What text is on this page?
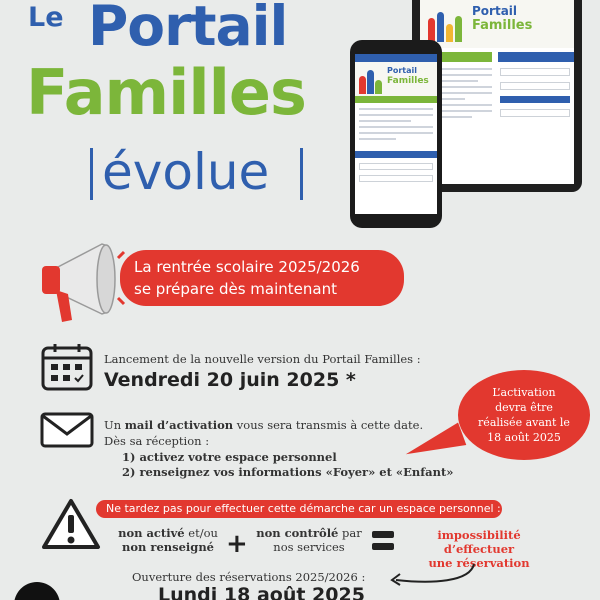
Le Portail
Familles
évolue
Portail
Familles
Portail
Familles
La rentrée scolaire 2025/2026
se prépare dès maintenant
Lancement de la nouvelle version du Portail Familles :
Vendredi 20 juin 2025 *
Un mail d’activation vous sera transmis à cette date.
Dès sa réception :
1) activez votre espace personnel
2) renseignez vos informations «Foyer» et «Enfant»
L’activation
devra être
réalisée avant le
18 août 2025
Ne tardez pas pour effectuer cette démarche car un espace personnel :
non activé et/ou
non renseigné + non contrôlé par
nos services
impossibilité d’effectuer
une réservation
Ouverture des réservations 2025/2026 :
Lundi 18 août 2025
